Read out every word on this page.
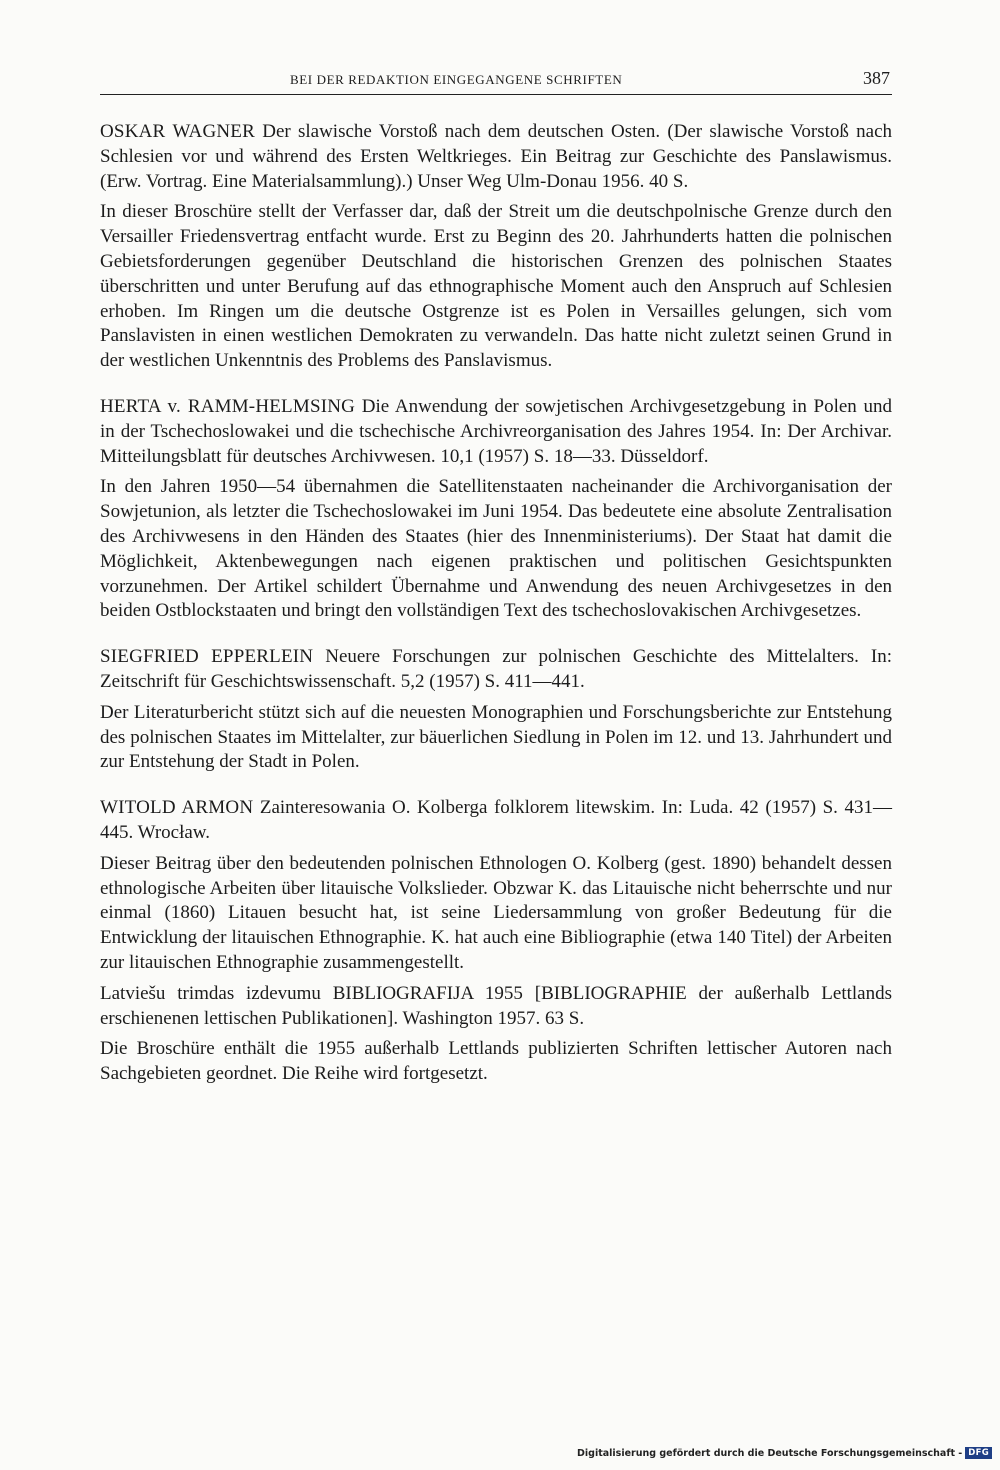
BEI DER REDAKTION EINGEGANGENE SCHRIFTEN	387

OSKAR WAGNER Der slawische Vorstoß nach dem deutschen Osten. (Der slawische Vorstoß nach Schlesien vor und während des Ersten Weltkrieges. Ein Beitrag zur Geschichte des Panslawismus. (Erw. Vortrag. Eine Materialsammlung).) Unser Weg Ulm-Donau 1956. 40 S.

In dieser Broschüre stellt der Verfasser dar, daß der Streit um die deutschpolnische Grenze durch den Versailler Friedensvertrag entfacht wurde. Erst zu Beginn des 20. Jahrhunderts hatten die polnischen Gebietsforderungen gegenüber Deutschland die historischen Grenzen des polnischen Staates überschritten und unter Berufung auf das ethnographische Moment auch den Anspruch auf Schlesien erhoben. Im Ringen um die deutsche Ostgrenze ist es Polen in Versailles gelungen, sich vom Panslavisten in einen westlichen Demokraten zu verwandeln. Das hatte nicht zuletzt seinen Grund in der westlichen Unkenntnis des Problems des Panslavismus.

HERTA v. RAMM-HELMSING Die Anwendung der sowjetischen Archivgesetzgebung in Polen und in der Tschechoslowakei und die tschechische Archivreorganisation des Jahres 1954. In: Der Archivar. Mitteilungsblatt für deutsches Archivwesen. 10,1 (1957) S. 18—33. Düsseldorf.

In den Jahren 1950—54 übernahmen die Satellitenstaaten nacheinander die Archivorganisation der Sowjetunion, als letzter die Tschechoslowakei im Juni 1954. Das bedeutete eine absolute Zentralisation des Archivwesens in den Händen des Staates (hier des Innenministeriums). Der Staat hat damit die Möglichkeit, Aktenbewegungen nach eigenen praktischen und politischen Gesichtspunkten vorzunehmen. Der Artikel schildert Übernahme und Anwendung des neuen Archivgesetzes in den beiden Ostblockstaaten und bringt den vollständigen Text des tschechoslovakischen Archivgesetzes.

SIEGFRIED EPPERLEIN Neuere Forschungen zur polnischen Geschichte des Mittelalters. In: Zeitschrift für Geschichtswissenschaft. 5,2 (1957) S. 411—441.

Der Literaturbericht stützt sich auf die neuesten Monographien und Forschungsberichte zur Entstehung des polnischen Staates im Mittelalter, zur bäuerlichen Siedlung in Polen im 12. und 13. Jahrhundert und zur Entstehung der Stadt in Polen.

WITOLD ARMON Zainteresowania O. Kolberga folklorem litewskim. In: Luda. 42 (1957) S. 431—445. Wrocław.

Dieser Beitrag über den bedeutenden polnischen Ethnologen O. Kolberg (gest. 1890) behandelt dessen ethnologische Arbeiten über litauische Volkslieder. Obzwar K. das Litauische nicht beherrschte und nur einmal (1860) Litauen besucht hat, ist seine Liedersammlung von großer Bedeutung für die Entwicklung der litauischen Ethnographie. K. hat auch eine Bibliographie (etwa 140 Titel) der Arbeiten zur litauischen Ethnographie zusammengestellt.

Latviešu trimdas izdevumu BIBLIOGRAFIJA 1955 [BIBLIOGRAPHIE der außerhalb Lettlands erschienenen lettischen Publikationen]. Washington 1957. 63 S.

Die Broschüre enthält die 1955 außerhalb Lettlands publizierten Schriften lettischer Autoren nach Sachgebieten geordnet. Die Reihe wird fortgesetzt.

Digitalisierung gefördert durch die Deutsche Forschungsgemeinschaft - DFG
